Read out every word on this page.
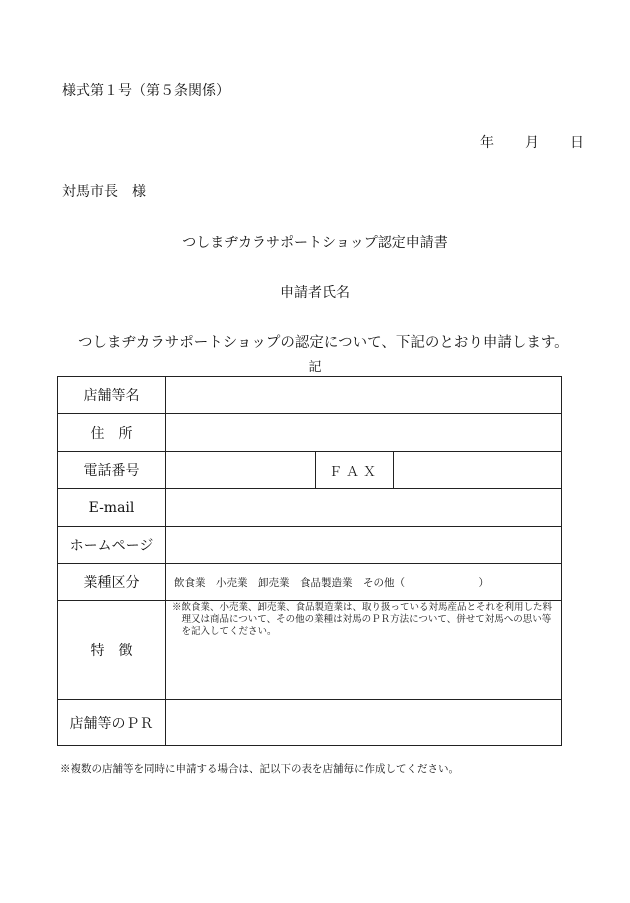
様式第１号（第５条関係）
年 月 日
対馬市長　様
つしまヂカラサポートショップ認定申請書
申請者氏名
つしまヂカラサポートショップの認定について、下記のとおり申請します。
記
店舗等名			
住　所			
電話番号		ＦＡＸ	
E-mail			
ホームページ			
業種区分	飲食業　小売業　卸売業　食品製造業　その他（　　　　　　　）		
特　徴	※飲食業、小売業、卸売業、食品製造業は、取り扱っている対馬産品とそれを利用した料理又は商品について、その他の業種は対馬のＰＲ方法について、併せて対馬への思い等を記入してください。		

店舗等のＰＲ			
※複数の店舗等を同時に申請する場合は、記以下の表を店舗毎に作成してください。
